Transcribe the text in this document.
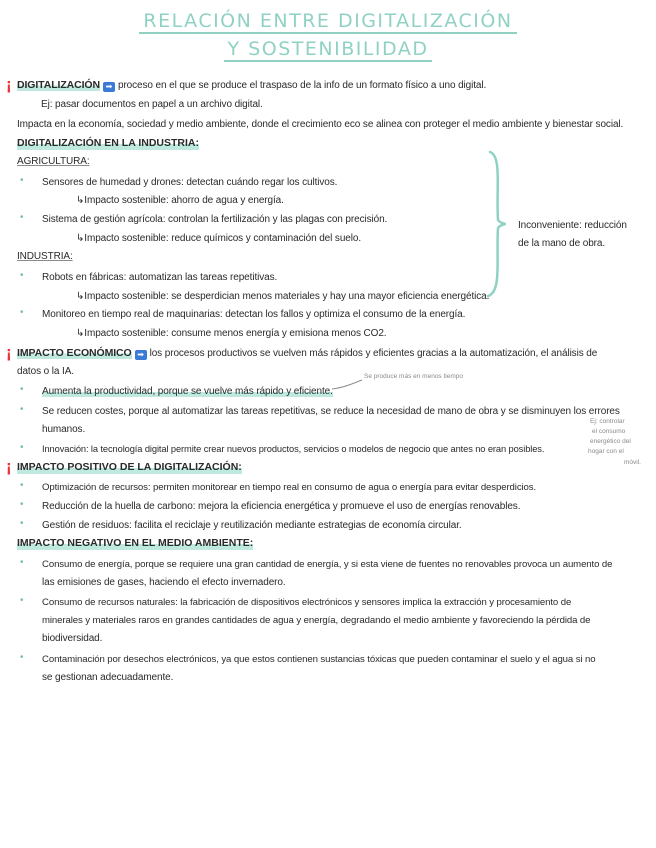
RELACIÓN ENTRE DIGITALIZACIÓN
Y SOSTENIBILIDAD
¡ DIGITALIZACIÓN ➡ proceso en el que se produce el traspaso de la info de un formato físico a uno digital.
Ej: pasar documentos en papel a un archivo digital.
Impacta en la economía, sociedad y medio ambiente, donde el crecimiento eco se alinea con proteger el medio ambiente y bienestar social.
DIGITALIZACIÓN EN LA INDUSTRIA:
AGRICULTURA:
• Sensores de humedad y drones: detectan cuándo regar los cultivos.
↳Impacto sostenible: ahorro de agua y energía.
• Sistema de gestión agrícola: controlan la fertilización y las plagas con precisión.
↳Impacto sostenible: reduce químicos y contaminación del suelo.
INDUSTRIA:
• Robots en fábricas: automatizan las tareas repetitivas.
↳Impacto sostenible: se desperdician menos materiales y hay una mayor eficiencia energética.
• Monitoreo en tiempo real de maquinarias: detectan los fallos y optimiza el consumo de la energía.
↳Impacto sostenible: consume menos energía y emisiona menos CO2.
Inconveniente: reducción
de la mano de obra.
¡ IMPACTO ECONÓMICO ➡ los procesos productivos se vuelven más rápidos y eficientes gracias a la automatización, el análisis de
datos o la IA.
• Aumenta la productividad, porque se vuelve más rápido y eficiente.
Se produce más en menos tiempo
• Se reducen costes, porque al automatizar las tareas repetitivas, se reduce la necesidad de mano de obra y se disminuyen los errores
humanos.
• Innovación: la tecnología digital permite crear nuevos productos, servicios o modelos de negocio que antes no eran posibles.
Ej: controlar
el consumo
energético del
hogar con el
móvil.
¡ IMPACTO POSITIVO DE LA DIGITALIZACIÓN:
• Optimización de recursos: permiten monitorear en tiempo real en consumo de agua o energía para evitar desperdicios.
• Reducción de la huella de carbono: mejora la eficiencia energética y promueve el uso de energías renovables.
• Gestión de residuos: facilita el reciclaje y reutilización mediante estrategias de economía circular.
IMPACTO NEGATIVO EN EL MEDIO AMBIENTE:
• Consumo de energía, porque se requiere una gran cantidad de energía, y si esta viene de fuentes no renovables provoca un aumento de
las emisiones de gases, haciendo el efecto invernadero.
• Consumo de recursos naturales: la fabricación de dispositivos electrónicos y sensores implica la extracción y procesamiento de
minerales y materiales raros en grandes cantidades de agua y energía, degradando el medio ambiente y favoreciendo la pérdida de
biodiversidad.
• Contaminación por desechos electrónicos, ya que estos contienen sustancias tóxicas que pueden contaminar el suelo y el agua si no
se gestionan adecuadamente.
